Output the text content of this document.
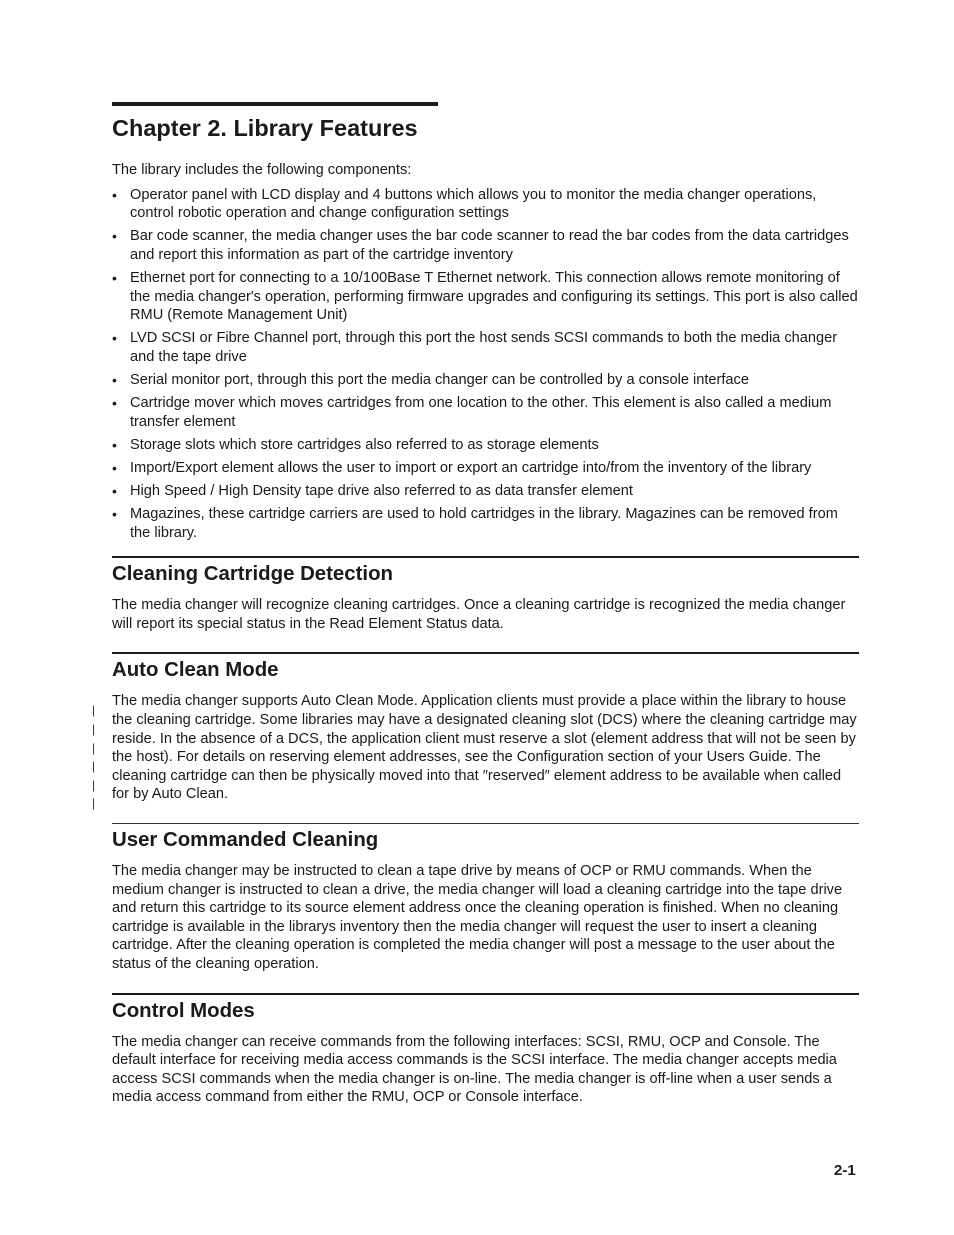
Chapter 2. Library Features

The library includes the following components:

• Operator panel with LCD display and 4 buttons which allows you to monitor the media changer operations, control robotic operation and change configuration settings
• Bar code scanner, the media changer uses the bar code scanner to read the bar codes from the data cartridges and report this information as part of the cartridge inventory
• Ethernet port for connecting to a 10/100Base T Ethernet network. This connection allows remote monitoring of the media changer's operation, performing firmware upgrades and configuring its settings. This port is also called RMU (Remote Management Unit)
• LVD SCSI or Fibre Channel port, through this port the host sends SCSI commands to both the media changer and the tape drive
• Serial monitor port, through this port the media changer can be controlled by a console interface
• Cartridge mover which moves cartridges from one location to the other. This element is also called a medium transfer element
• Storage slots which store cartridges also referred to as storage elements
• Import/Export element allows the user to import or export an cartridge into/from the inventory of the library
• High Speed / High Density tape drive also referred to as data transfer element
• Magazines, these cartridge carriers are used to hold cartridges in the library. Magazines can be removed from the library.
Cleaning Cartridge Detection

The media changer will recognize cleaning cartridges. Once a cleaning cartridge is recognized the media changer will report its special status in the Read Element Status data.

Auto Clean Mode
|
|
|
|
|
|

The media changer supports Auto Clean Mode. Application clients must provide a place within the library to house the cleaning cartridge. Some libraries may have a designated cleaning slot (DCS) where the cleaning cartridge may reside. In the absence of a DCS, the application client must reserve a slot (element address that will not be seen by the host). For details on reserving element addresses, see the Configuration section of your Users Guide. The cleaning cartridge can then be physically moved into that ″reserved″ element address to be available when called for by Auto Clean.

User Commanded Cleaning

The media changer may be instructed to clean a tape drive by means of OCP or RMU commands. When the medium changer is instructed to clean a drive, the media changer will load a cleaning cartridge into the tape drive and return this cartridge to its source element address once the cleaning operation is finished. When no cleaning cartridge is available in the librarys inventory then the media changer will request the user to insert a cleaning cartridge. After the cleaning operation is completed the media changer will post a message to the user about the status of the cleaning operation.

Control Modes

The media changer can receive commands from the following interfaces: SCSI, RMU, OCP and Console. The default interface for receiving media access commands is the SCSI interface. The media changer accepts media access SCSI commands when the media changer is on-line. The media changer is off-line when a user sends a media access command from either the RMU, OCP or Console interface.

2-1
